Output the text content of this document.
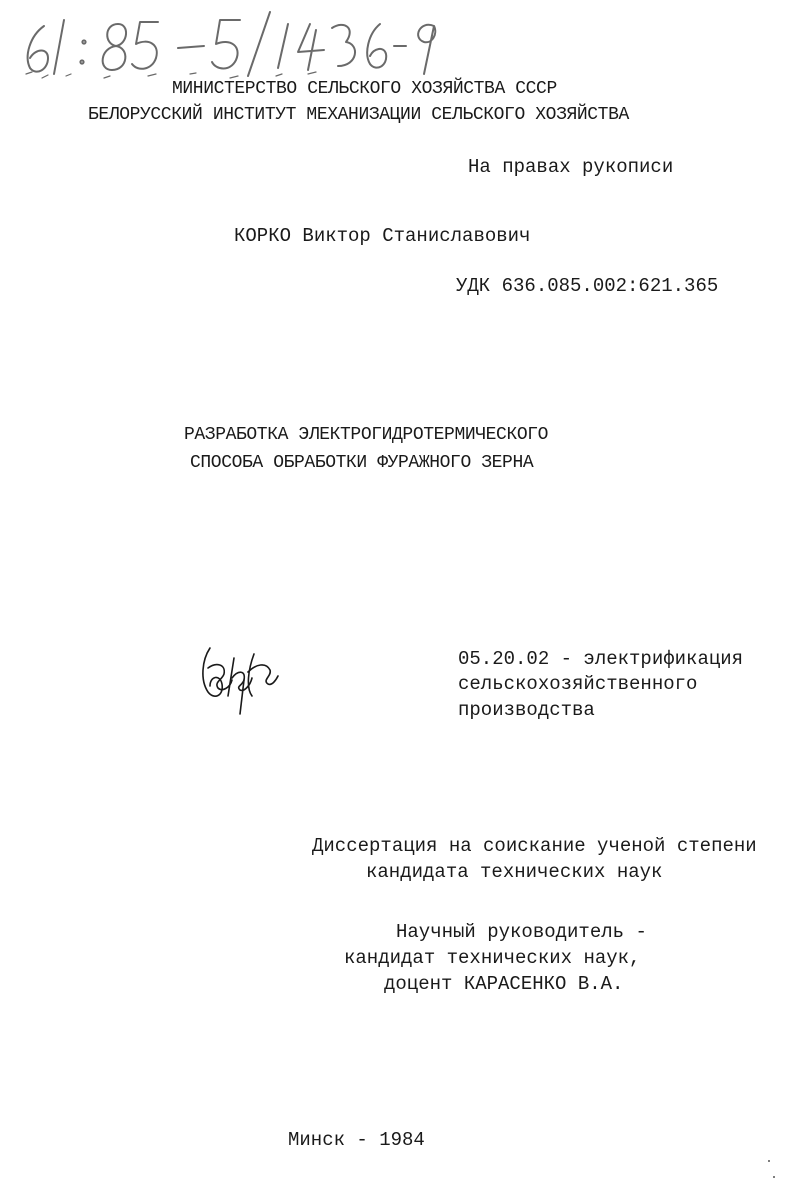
МИНИСТЕРСТВО СЕЛЬСКОГО ХОЗЯЙСТВА СССР
БЕЛОРУССКИЙ ИНСТИТУТ МЕХАНИЗАЦИИ СЕЛЬСКОГО ХОЗЯЙСТВА
На правах рукописи
КОРКО Виктор Станиславович
УДК 636.085.002:621.365
РАЗРАБОТКА ЭЛЕКТРОГИДРОТЕРМИЧЕСКОГО
СПОСОБА ОБРАБОТКИ ФУРАЖНОГО ЗЕРНА
05.20.02 - электрификация
сельскохозяйственного
производства
Диссертация на соискание ученой степени
кандидата технических наук
Научный руководитель -
кандидат технических наук,
доцент КАРАСЕНКО В.А.
Минск - 1984
